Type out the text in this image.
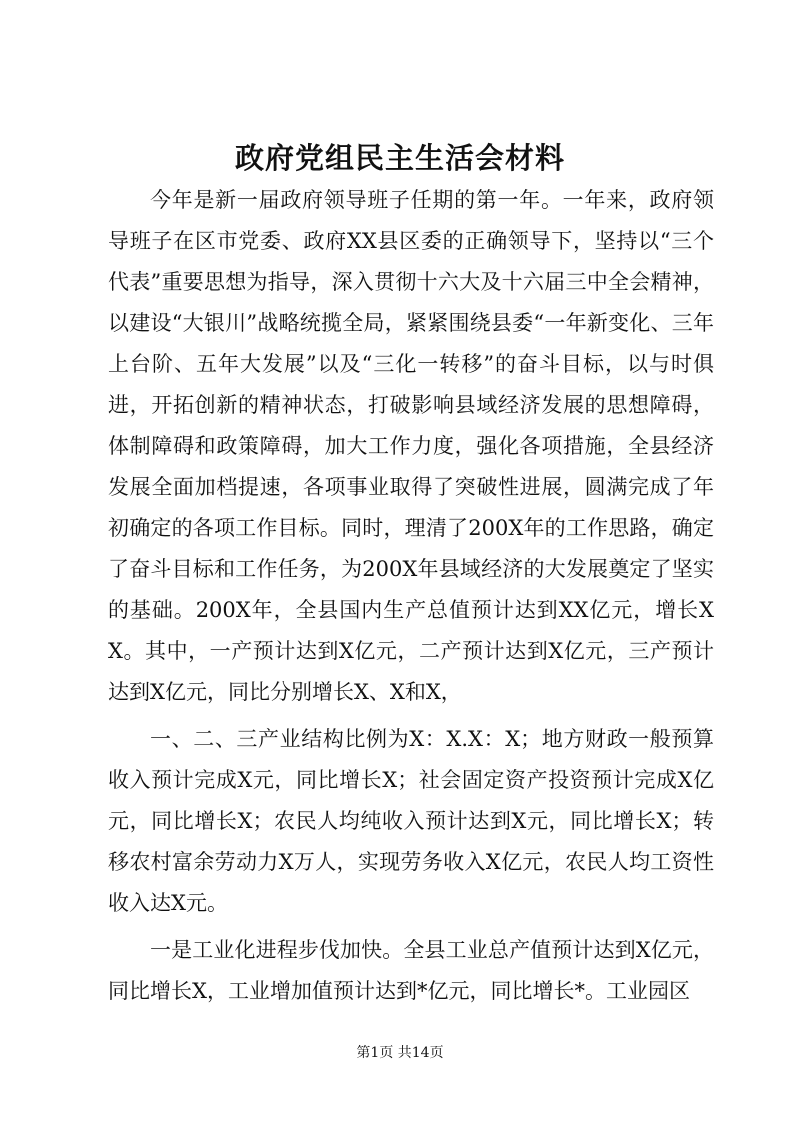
政府党组民主生活会材料

今年是新一届政府领导班子任期的第一年。一年来，政府领导班子在区市党委、政府XX县区委的正确领导下，坚持以“三个代表”重要思想为指导，深入贯彻十六大及十六届三中全会精神，以建设“大银川”战略统揽全局，紧紧围绕县委“一年新变化、三年上台阶、五年大发展”以及“三化一转移”的奋斗目标，以与时俱进，开拓创新的精神状态，打破影响县域经济发展的思想障碍，体制障碍和政策障碍，加大工作力度，强化各项措施，全县经济发展全面加档提速，各项事业取得了突破性进展，圆满完成了年初确定的各项工作目标。同时，理清了200X年的工作思路，确定了奋斗目标和工作任务，为200X年县域经济的大发展奠定了坚实的基础。200X年，全县国内生产总值预计达到XX亿元，增长XX。其中，一产预计达到X亿元，二产预计达到X亿元，三产预计达到X亿元，同比分别增长X、X和X，

一、二、三产业结构比例为X：X.X：X；地方财政一般预算收入预计完成X元，同比增长X；社会固定资产投资预计完成X亿元，同比增长X；农民人均纯收入预计达到X元，同比增长X；转移农村富余劳动力X万人，实现劳务收入X亿元，农民人均工资性收入达X元。

一是工业化进程步伐加快。全县工业总产值预计达到X亿元，同比增长X，工业增加值预计达到*亿元，同比增长*。工业园区

第1页 共14页
